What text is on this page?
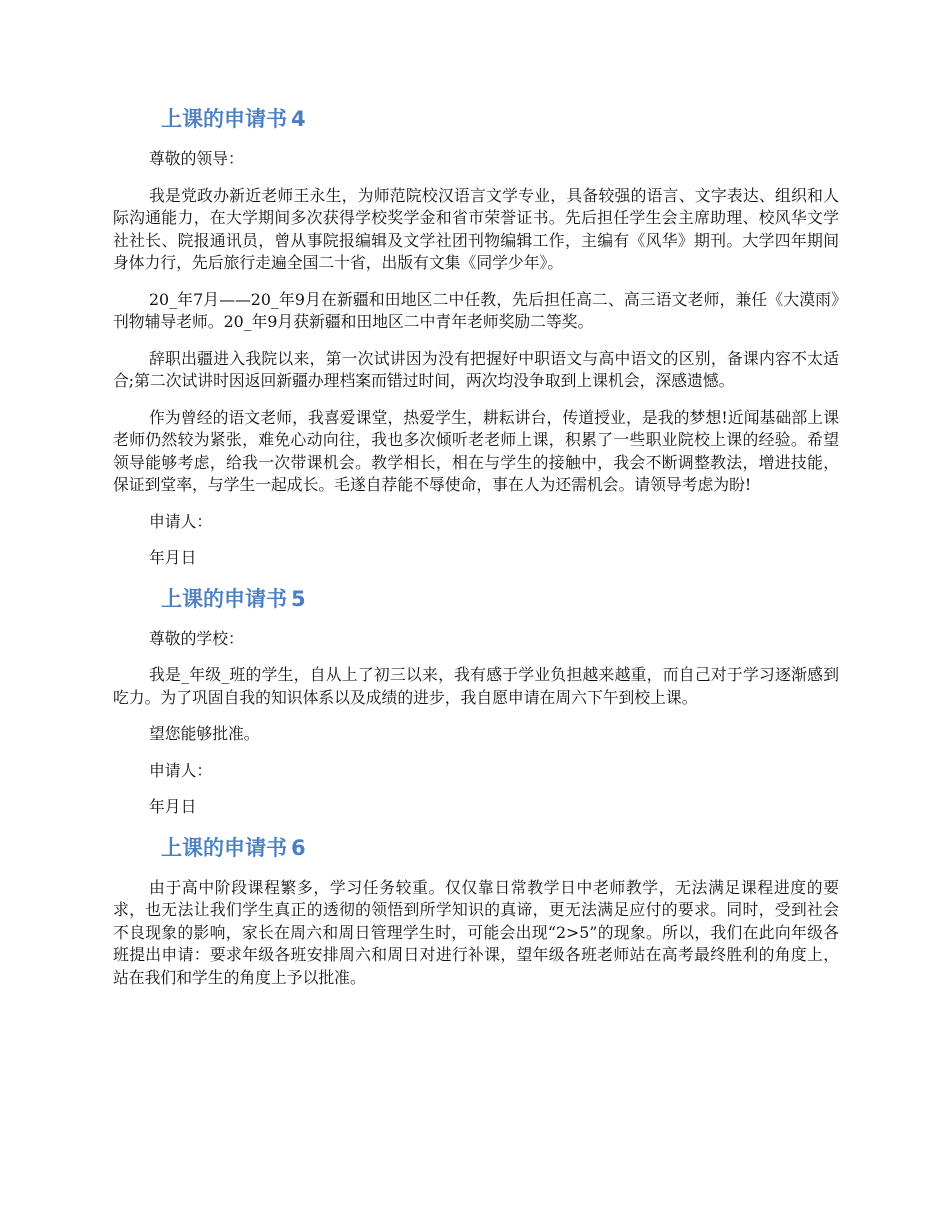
上课的申请书 4

尊敬的领导：

我是党政办新近老师王永生，为师范院校汉语言文学专业，具备较强的语言、文字表达、组织和人际沟通能力，在大学期间多次获得学校奖学金和省市荣誉证书。先后担任学生会主席助理、校风华文学社社长、院报通讯员，曾从事院报编辑及文学社团刊物编辑工作，主编有《风华》期刊。大学四年期间身体力行，先后旅行走遍全国二十省，出版有文集《同学少年》。

20_年7月——20_年9月在新疆和田地区二中任教，先后担任高二、高三语文老师，兼任《大漠雨》刊物辅导老师。20_年9月获新疆和田地区二中青年老师奖励二等奖。

辞职出疆进入我院以来，第一次试讲因为没有把握好中职语文与高中语文的区别，备课内容不太适合;第二次试讲时因返回新疆办理档案而错过时间，两次均没争取到上课机会，深感遗憾。

作为曾经的语文老师，我喜爱课堂，热爱学生，耕耘讲台，传道授业，是我的梦想!近闻基础部上课老师仍然较为紧张，难免心动向往，我也多次倾听老老师上课，积累了一些职业院校上课的经验。希望领导能够考虑，给我一次带课机会。教学相长，相在与学生的接触中，我会不断调整教法，增进技能，保证到堂率，与学生一起成长。毛遂自荐能不辱使命，事在人为还需机会。请领导考虑为盼!

申请人：

年月日

上课的申请书 5

尊敬的学校：

我是_年级_班的学生，自从上了初三以来，我有感于学业负担越来越重，而自己对于学习逐渐感到吃力。为了巩固自我的知识体系以及成绩的进步，我自愿申请在周六下午到校上课。

望您能够批准。

申请人：

年月日

上课的申请书 6

由于高中阶段课程繁多，学习任务较重。仅仅靠日常教学日中老师教学，无法满足课程进度的要求，也无法让我们学生真正的透彻的领悟到所学知识的真谛，更无法满足应付的要求。同时，受到社会不良现象的影响，家长在周六和周日管理学生时，可能会出现“2>5”的现象。所以，我们在此向年级各班提出申请：要求年级各班安排周六和周日对进行补课，望年级各班老师站在高考最终胜利的角度上，站在我们和学生的角度上予以批准。
